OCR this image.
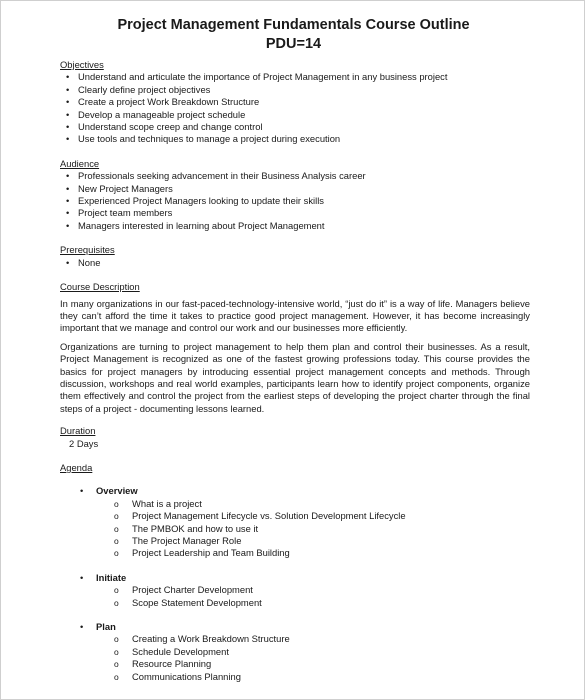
Project Management Fundamentals Course Outline
PDU=14

Objectives

• Understand and articulate the importance of Project Management in any business project
• Clearly define project objectives
• Create a project Work Breakdown Structure
• Develop a manageable project schedule
• Understand scope creep and change control
• Use tools and techniques to manage a project during execution

Audience

• Professionals seeking advancement in their Business Analysis career
• New Project Managers
• Experienced Project Managers looking to update their skills
• Project team members
• Managers interested in learning about Project Management

Prerequisites

• None

Course Description

In many organizations in our fast-paced-technology-intensive world, “just do it” is a way of life. Managers believe they can’t afford the time it takes to practice good project management. However, it has become increasingly important that we manage and control our work and our businesses more efficiently.

Organizations are turning to project management to help them plan and control their businesses. As a result, Project Management is recognized as one of the fastest growing professions today. This course provides the basics for project managers by introducing essential project management concepts and methods. Through discussion, workshops and real world examples, participants learn how to identify project components, organize them effectively and control the project from the earliest steps of developing the project charter through the final steps of a project - documenting lessons learned.

Duration

2 Days

Agenda

• Overview
o What is a project
o Project Management Lifecycle vs. Solution Development Lifecycle
o The PMBOK and how to use it
o The Project Manager Role
o Project Leadership and Team Building
• Initiate
o Project Charter Development
o Scope Statement Development
• Plan
o Creating a Work Breakdown Structure
o Schedule Development
o Resource Planning
o Communications Planning
